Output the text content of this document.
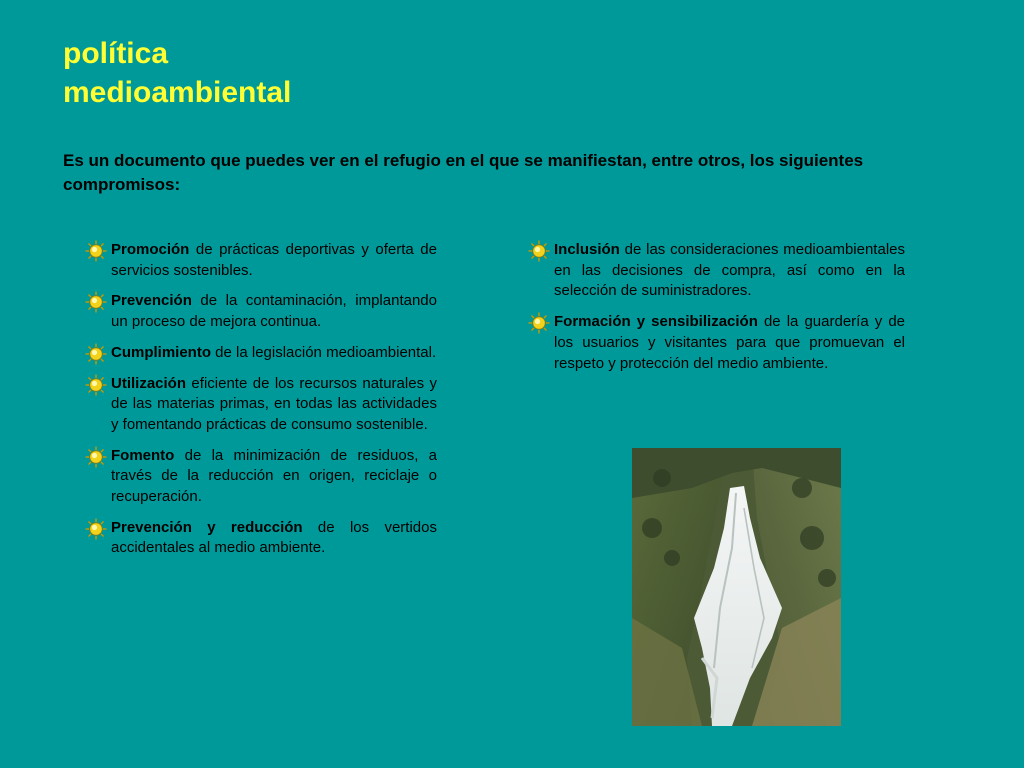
política
medioambiental

Es un documento que puedes ver en el refugio en el que se manifiestan, entre otros, los siguientes compromisos:

Promoción de prácticas deportivas y oferta de servicios sostenibles.
Prevención de la contaminación, implantando un proceso de mejora continua.
Cumplimiento de la legislación medioambiental.
Utilización eficiente de los recursos naturales y de las materias primas, en todas las actividades y fomentando prácticas de consumo sostenible.
Fomento de la minimización de residuos, a través de la reducción en origen, reciclaje o recuperación.
Prevención y reducción de los vertidos accidentales al medio ambiente.
Inclusión de las consideraciones medioambientales en las decisiones de compra, así como en la selección de suministradores.
Formación y sensibilización de la guardería y de los usuarios y visitantes para que promuevan el respeto y protección del medio ambiente.
